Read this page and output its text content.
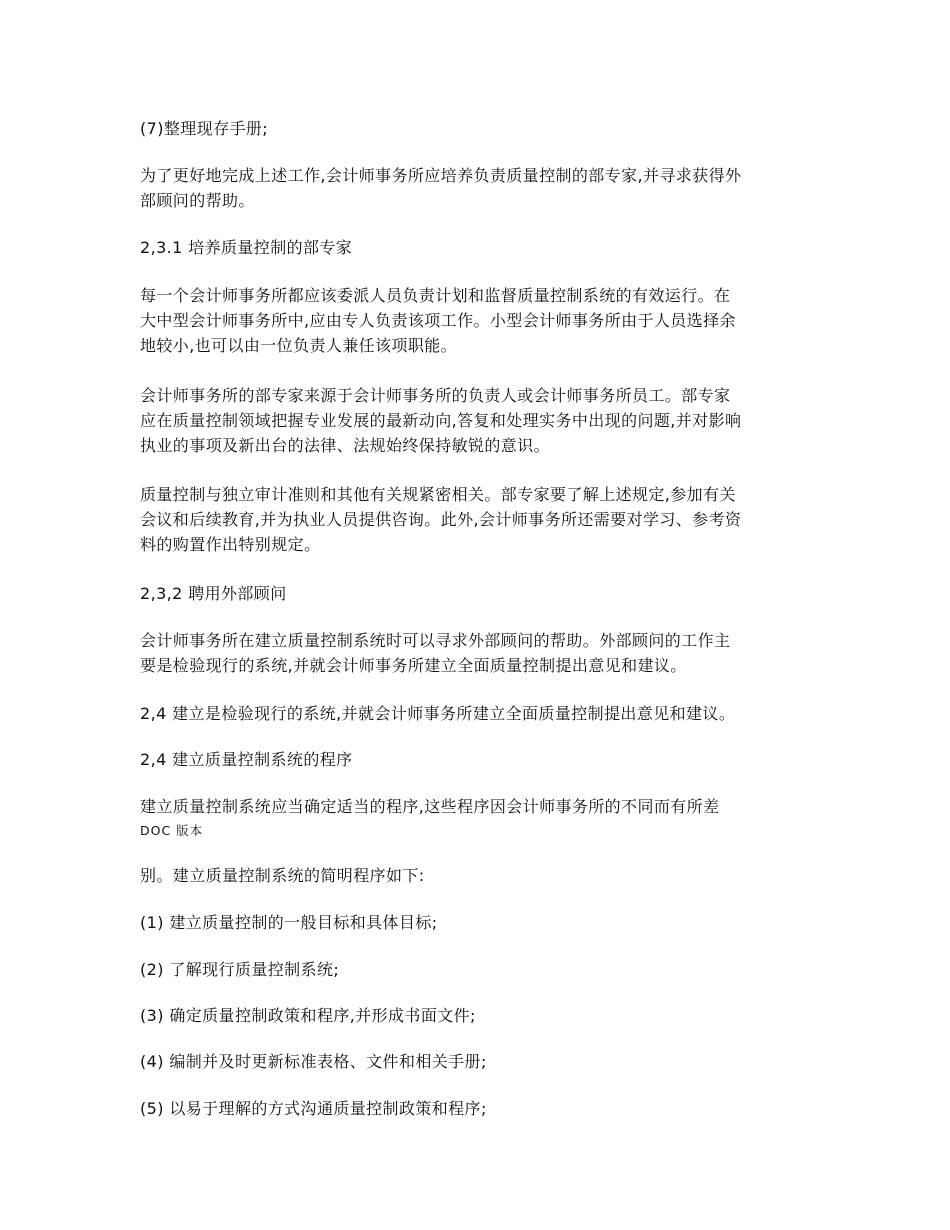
(7)整理现存手册;
为了更好地完成上述工作,会计师事务所应培养负责质量控制的部专家,并寻求获得外
部顾问的帮助。
2,3.1 培养质量控制的部专家
每一个会计师事务所都应该委派人员负责计划和监督质量控制系统的有效运行。在
大中型会计师事务所中,应由专人负责该项工作。小型会计师事务所由于人员选择余
地较小,也可以由一位负责人兼任该项职能。
会计师事务所的部专家来源于会计师事务所的负责人或会计师事务所员工。部专家
应在质量控制领域把握专业发展的最新动向,答复和处理实务中出现的问题,并对影响
执业的事项及新出台的法律、法规始终保持敏锐的意识。
质量控制与独立审计准则和其他有关规紧密相关。部专家要了解上述规定,参加有关
会议和后续教育,并为执业人员提供咨询。此外,会计师事务所还需要对学习、参考资
料的购置作出特别规定。
2,3,2 聘用外部顾问
会计师事务所在建立质量控制系统时可以寻求外部顾问的帮助。外部顾问的工作主
要是检验现行的系统,并就会计师事务所建立全面质量控制提出意见和建议。
2,4 建立是检验现行的系统,并就会计师事务所建立全面质量控制提出意见和建议。
2,4 建立质量控制系统的程序
建立质量控制系统应当确定适当的程序,这些程序因会计师事务所的不同而有所差
DOC 版本
别。建立质量控制系统的简明程序如下:
(1) 建立质量控制的一般目标和具体目标;
(2) 了解现行质量控制系统;
(3) 确定质量控制政策和程序,并形成书面文件;
(4) 编制并及时更新标准表格、文件和相关手册;
(5) 以易于理解的方式沟通质量控制政策和程序;
